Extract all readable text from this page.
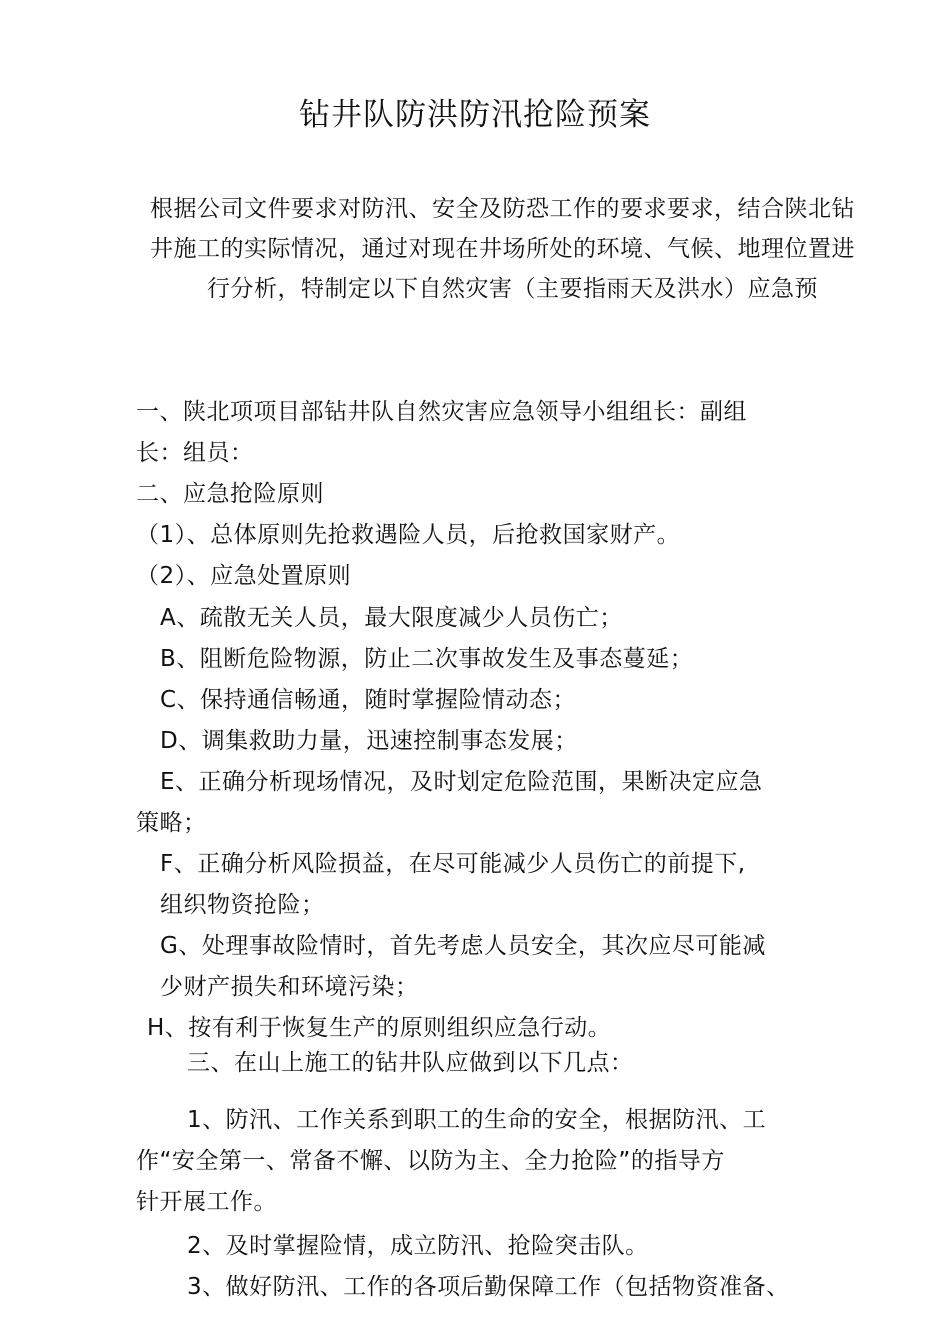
钻井队防洪防汛抢险预案
根据公司文件要求对防汛、安全及防恐工作的要求要求，结合陕北钻
井施工的实际情况，通过对现在井场所处的环境、气候、地理位置进
行分析，特制定以下自然灾害（主要指雨天及洪水）应急预
一、陕北项项目部钻井队自然灾害应急领导小组组长：副组
长：组员：
二、应急抢险原则
（1）、总体原则先抢救遇险人员，后抢救国家财产。
（2）、应急处置原则
A、疏散无关人员，最大限度减少人员伤亡；
B、阻断危险物源，防止二次事故发生及事态蔓延；
C、保持通信畅通，随时掌握险情动态；
D、调集救助力量，迅速控制事态发展；
E、正确分析现场情况，及时划定危险范围，果断决定应急
策略；
F、正确分析风险损益，在尽可能减少人员伤亡的前提下,
组织物资抢险；
G、处理事故险情时，首先考虑人员安全，其次应尽可能减
少财产损失和环境污染；
H、按有利于恢复生产的原则组织应急行动。
三、在山上施工的钻井队应做到以下几点：
1、防汛、工作关系到职工的生命的安全，根据防汛、工
作“安全第一、常备不懈、以防为主、全力抢险”的指导方
针开展工作。
2、及时掌握险情，成立防汛、抢险突击队。
3、做好防汛、工作的各项后勤保障工作（包括物资准备、
